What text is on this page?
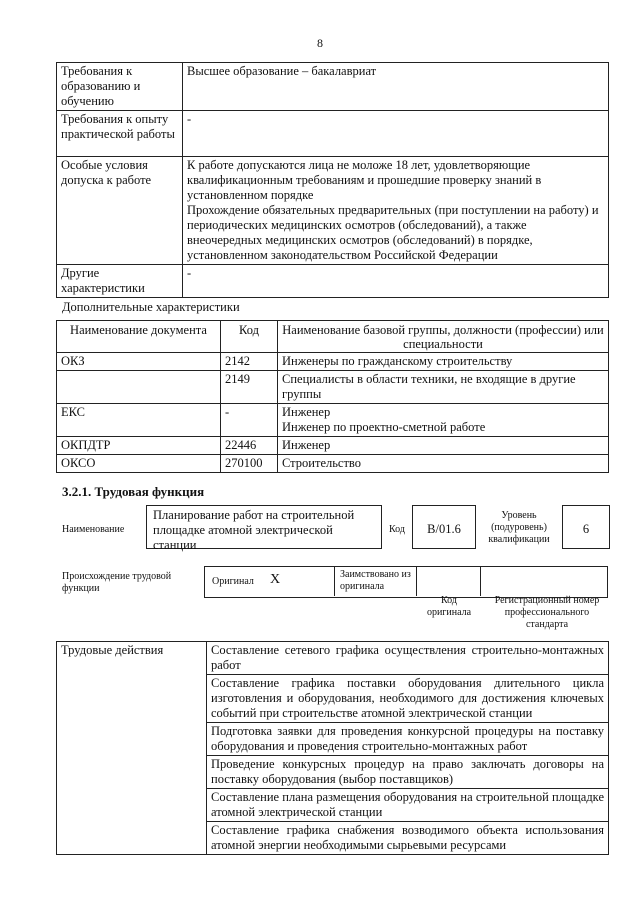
8
Требования к образованию и обучению	Высшее образование – бакалавриат
Требования к опыту практической работы	-
Особые условия допуска к работе	К работе допускаются лица не моложе 18 лет, удовлетворяющие квалификационным требованиям и прошедшие проверку знаний в установленном порядке
Прохождение обязательных предварительных (при поступлении на работу) и периодических медицинских осмотров (обследований), а также внеочередных медицинских осмотров (обследований) в порядке, установленном законодательством Российской Федерации
Другие характеристики	-
Дополнительные характеристики
Наименование документа	Код	Наименование базовой группы, должности (профессии) или специальности
ОКЗ	2142	Инженеры по гражданскому строительству
	2149	Специалисты в области техники, не входящие в другие группы
ЕКС	-	Инженер
Инженер по проектно-сметной работе
ОКПДТР	22446	Инженер
ОКСО	270100	Строительство
3.2.1. Трудовая функция
Наименование
Планирование работ на строительной площадке атомной электрической станции
Код	B/01.6
Уровень (подуровень) квалификации
6
Происхождение трудовой функции
Оригинал X	Заимствовано из оригинала
Код оригинала
Регистрационный номер профессионального стандарта
Трудовые действия	Составление сетевого графика осуществления строительно-монтажных работ
Составление графика поставки оборудования длительного цикла изготовления и оборудования, необходимого для достижения ключевых событий при строительстве атомной электрической станции
Подготовка заявки для проведения конкурсной процедуры на поставку оборудования и проведения строительно-монтажных работ
Проведение конкурсных процедур на право заключать договоры на поставку оборудования (выбор поставщиков)
Составление плана размещения оборудования на строительной площадке атомной электрической станции
Составление графика снабжения возводимого объекта использования атомной энергии необходимыми сырьевыми ресурсами
